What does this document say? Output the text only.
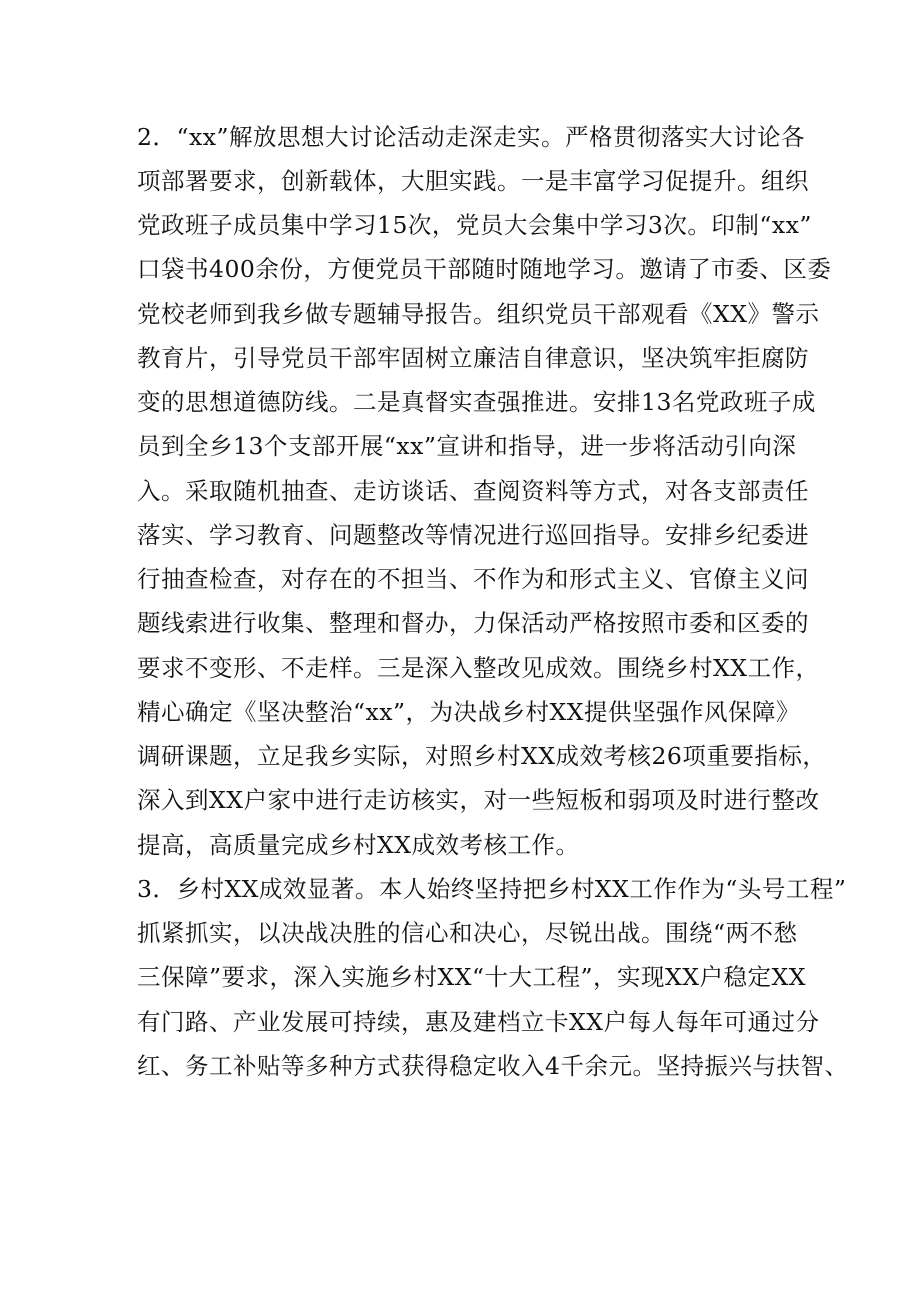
2．“xx”解放思想大讨论活动走深走实。严格贯彻落实大讨论各
项部署要求，创新载体，大胆实践。一是丰富学习促提升。组织
党政班子成员集中学习15次，党员大会集中学习3次。印制“xx”
口袋书400余份，方便党员干部随时随地学习。邀请了市委、区委
党校老师到我乡做专题辅导报告。组织党员干部观看《XX》警示
教育片，引导党员干部牢固树立廉洁自律意识，坚决筑牢拒腐防
变的思想道德防线。二是真督实查强推进。安排13名党政班子成
员到全乡13个支部开展“xx”宣讲和指导，进一步将活动引向深
入。采取随机抽查、走访谈话、查阅资料等方式，对各支部责任
落实、学习教育、问题整改等情况进行巡回指导。安排乡纪委进
行抽查检查，对存在的不担当、不作为和形式主义、官僚主义问
题线索进行收集、整理和督办，力保活动严格按照市委和区委的
要求不变形、不走样。三是深入整改见成效。围绕乡村XX工作，
精心确定《坚决整治“xx”，为决战乡村XX提供坚强作风保障》
调研课题，立足我乡实际，对照乡村XX成效考核26项重要指标，
深入到XX户家中进行走访核实，对一些短板和弱项及时进行整改
提高，高质量完成乡村XX成效考核工作。
3．乡村XX成效显著。本人始终坚持把乡村XX工作作为“头号工程”
抓紧抓实，以决战决胜的信心和决心，尽锐出战。围绕“两不愁
三保障”要求，深入实施乡村XX“十大工程”，实现XX户稳定XX
有门路、产业发展可持续，惠及建档立卡XX户每人每年可通过分
红、务工补贴等多种方式获得稳定收入4千余元。坚持振兴与扶智、
